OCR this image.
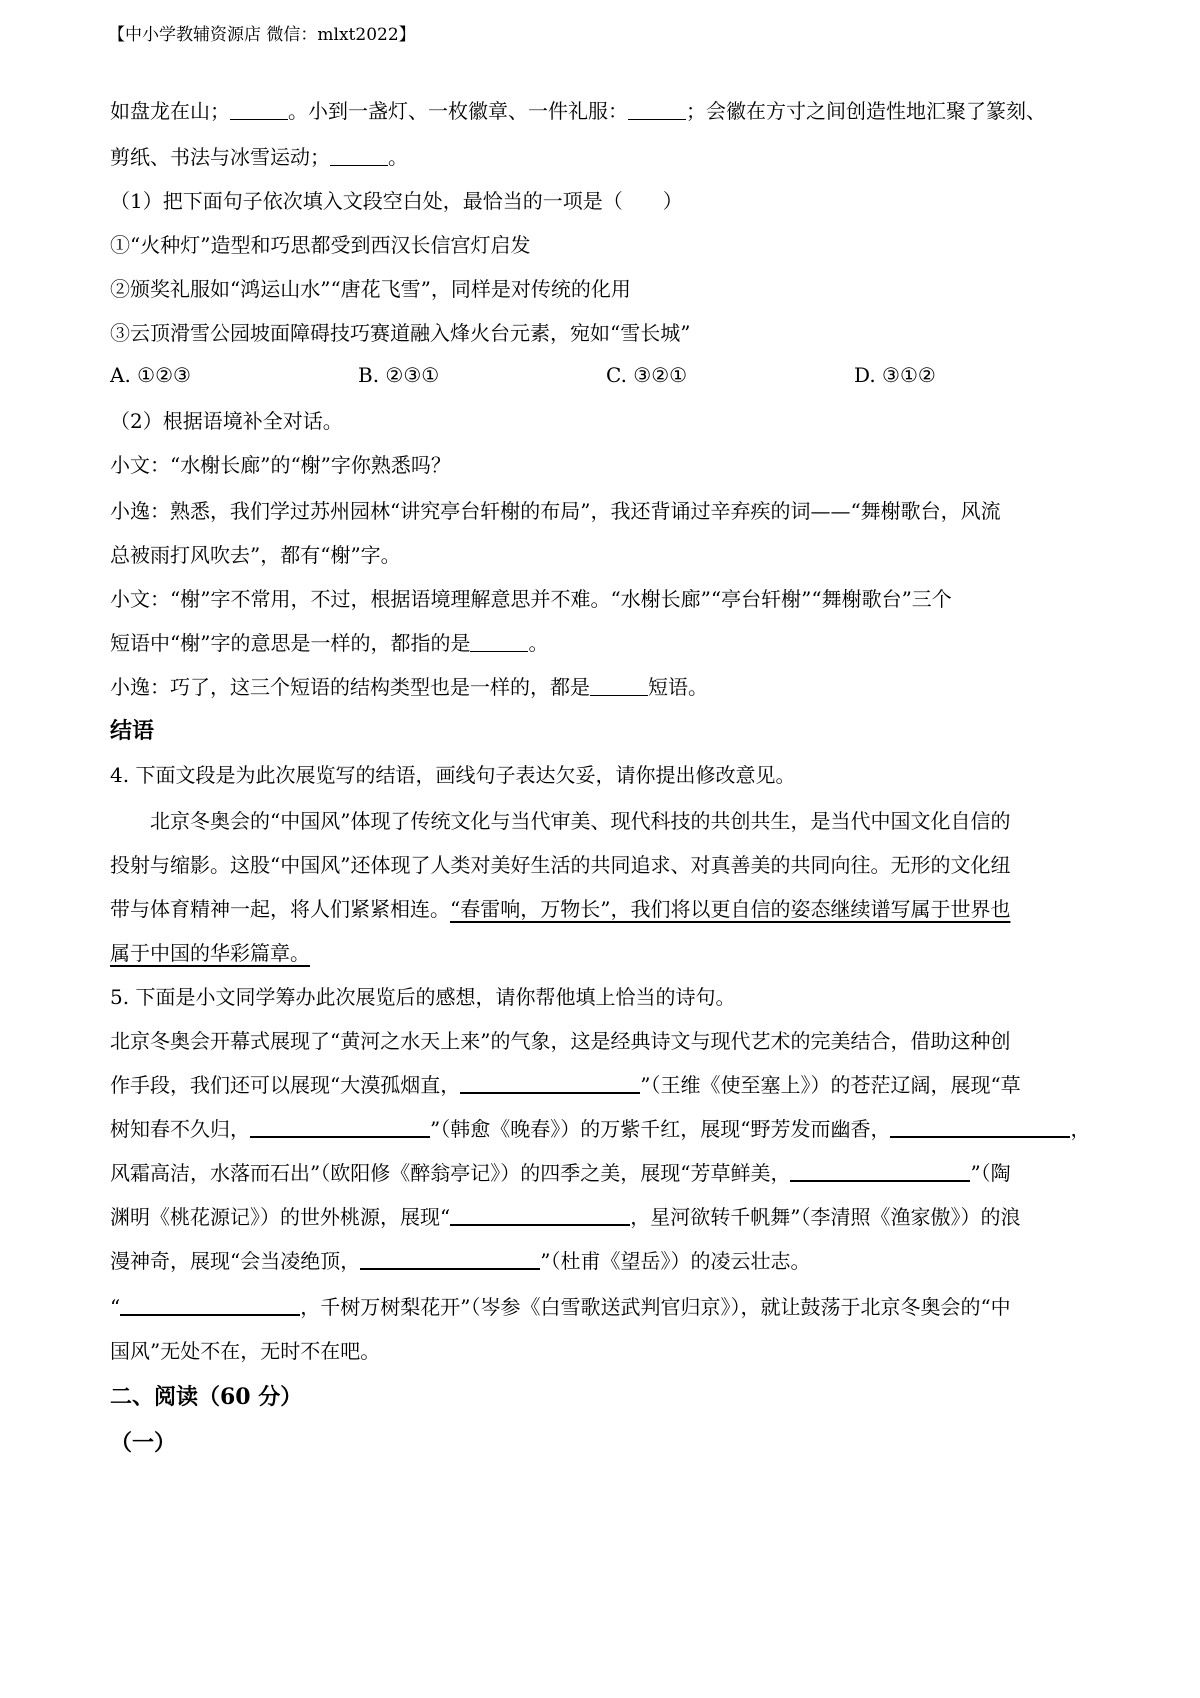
【中小学教辅资源店 微信：mlxt2022】
如盘龙在山；	。小到一盏灯、一枚徽章、一件礼服：	；会徽在方寸之间创造性地汇聚了篆刻、
剪纸、书法与冰雪运动；	。
（1）把下面句子依次填入文段空白处，最恰当的一项是（　　）
①“火种灯”造型和巧思都受到西汉长信宫灯启发
②颁奖礼服如“鸿运山水”“唐花飞雪”，同样是对传统的化用
③云顶滑雪公园坡面障碍技巧赛道融入烽火台元素，宛如“雪长城”
A. ①②③	B. ②③①	C. ③②①	D. ③①②
（2）根据语境补全对话。
小文：“水榭长廊”的“榭”字你熟悉吗？
小逸：熟悉，我们学过苏州园林“讲究亭台轩榭的布局”，我还背诵过辛弃疾的词——“舞榭歌台，风流
总被雨打风吹去”，都有“榭”字。
小文：“榭”字不常用，不过，根据语境理解意思并不难。“水榭长廊”“亭台轩榭”“舞榭歌台”三个
短语中“榭”字的意思是一样的，都指的是	。
小逸：巧了，这三个短语的结构类型也是一样的，都是	短语。
结语
4. 下面文段是为此次展览写的结语，画线句子表达欠妥，请你提出修改意见。
北京冬奥会的“中国风”体现了传统文化与当代审美、现代科技的共创共生，是当代中国文化自信的
投射与缩影。这股“中国风”还体现了人类对美好生活的共同追求、对真善美的共同向往。无形的文化纽
带与体育精神一起，将人们紧紧相连。“春雷响，万物长”，我们将以更自信的姿态继续谱写属于世界也
属于中国的华彩篇章。
5. 下面是小文同学筹办此次展览后的感想，请你帮他填上恰当的诗句。
北京冬奥会开幕式展现了“黄河之水天上来”的气象，这是经典诗文与现代艺术的完美结合，借助这种创
作手段，我们还可以展现“大漠孤烟直，	”（王维《使至塞上》）的苍茫辽阔，展现“草
树知春不久归，	”（韩愈《晚春》）的万紫千红，展现“野芳发而幽香，	，
风霜高洁，水落而石出”（欧阳修《醉翁亭记》）的四季之美，展现“芳草鲜美，	”（陶
渊明《桃花源记》）的世外桃源，展现“	，星河欲转千帆舞”（李清照《渔家傲》）的浪
漫神奇，展现“会当凌绝顶，	”（杜甫《望岳》）的凌云壮志。
“	，千树万树梨花开”（岑参《白雪歌送武判官归京》），就让鼓荡于北京冬奥会的“中
国风”无处不在，无时不在吧。
二、阅读（60 分）
（一）
